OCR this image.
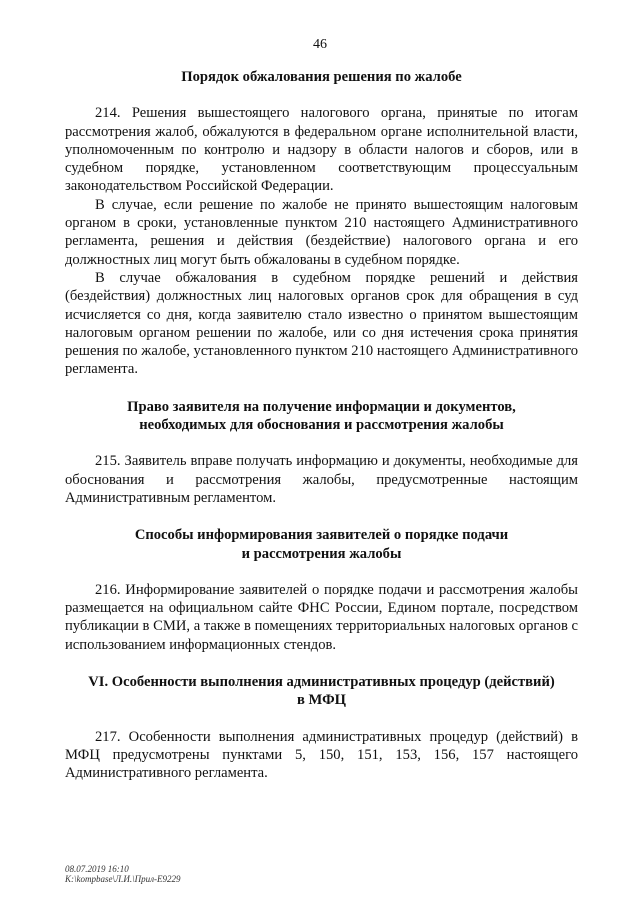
46
Порядок обжалования решения по жалобе

214. Решения вышестоящего налогового органа, принятые по итогам рассмотрения жалоб, обжалуются в федеральном органе исполнительной власти, уполномоченным по контролю и надзору в области налогов и сборов, или в судебном порядке, установленном соответствующим процессуальным законодательством Российской Федерации.

В случае, если решение по жалобе не принято вышестоящим налоговым органом в сроки, установленные пунктом 210 настоящего Административного регламента, решения и действия (бездействие) налогового органа и его должностных лиц могут быть обжалованы в судебном порядке.

В случае обжалования в судебном порядке решений и действия (бездействия) должностных лиц налоговых органов срок для обращения в суд исчисляется со дня, когда заявителю стало известно о принятом вышестоящим налоговым органом решении по жалобе, или со дня истечения срока принятия решения по жалобе, установленного пунктом 210 настоящего Административного регламента.

Право заявителя на получение информации и документов,
необходимых для обоснования и рассмотрения жалобы

215. Заявитель вправе получать информацию и документы, необходимые для обоснования и рассмотрения жалобы, предусмотренные настоящим Административным регламентом.

Способы информирования заявителей о порядке подачи
и рассмотрения жалобы

216. Информирование заявителей о порядке подачи и рассмотрения жалобы размещается на официальном сайте ФНС России, Едином портале, посредством публикации в СМИ, а также в помещениях территориальных налоговых органов с использованием информационных стендов.

VI. Особенности выполнения административных процедур (действий)
в МФЦ

217. Особенности выполнения административных процедур (действий) в МФЦ предусмотрены пунктами 5, 150, 151, 153, 156, 157 настоящего Административного регламента.

08.07.2019 16:10
K:\kompbase\Л.И.\Прил-E9229
